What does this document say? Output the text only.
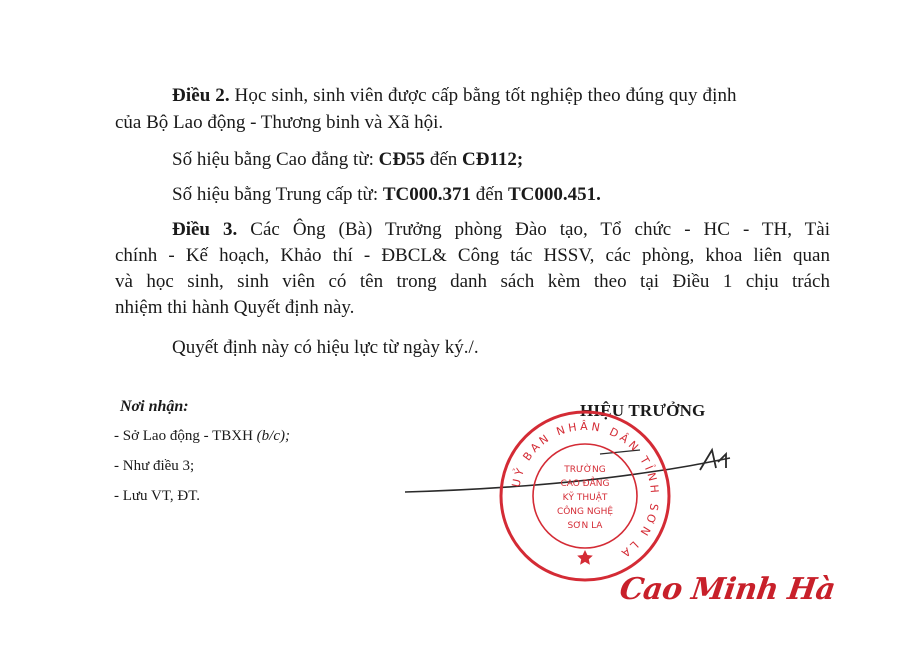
Điều 2. Học sinh, sinh viên được cấp bằng tốt nghiệp theo đúng quy định
của Bộ Lao động - Thương binh và Xã hội.
Số hiệu bằng Cao đẳng từ: CĐ55 đến CĐ112;
Số hiệu bằng Trung cấp từ: TC000.371 đến TC000.451.
Điều 3. Các Ông (Bà) Trưởng phòng Đào tạo, Tổ chức - HC - TH, Tài
chính - Kế hoạch, Khảo thí - ĐBCL& Công tác HSSV, các phòng, khoa liên quan
và học sinh, sinh viên có tên trong danh sách kèm theo tại Điều 1 chịu trách
nhiệm thi hành Quyết định này.
Quyết định này có hiệu lực từ ngày ký./.
Nơi nhận:
- Sở Lao động - TBXH (b/c);
- Như điều 3;
- Lưu VT, ĐT.
HIỆU TRƯỞNG
UỶ BAN NHÂN DÂN TỈNH SƠN LA
TRƯỜNG
CAO ĐẲNG
KỸ THUẬT
CÔNG NGHỆ
SƠN LA
Cao Minh Hà
